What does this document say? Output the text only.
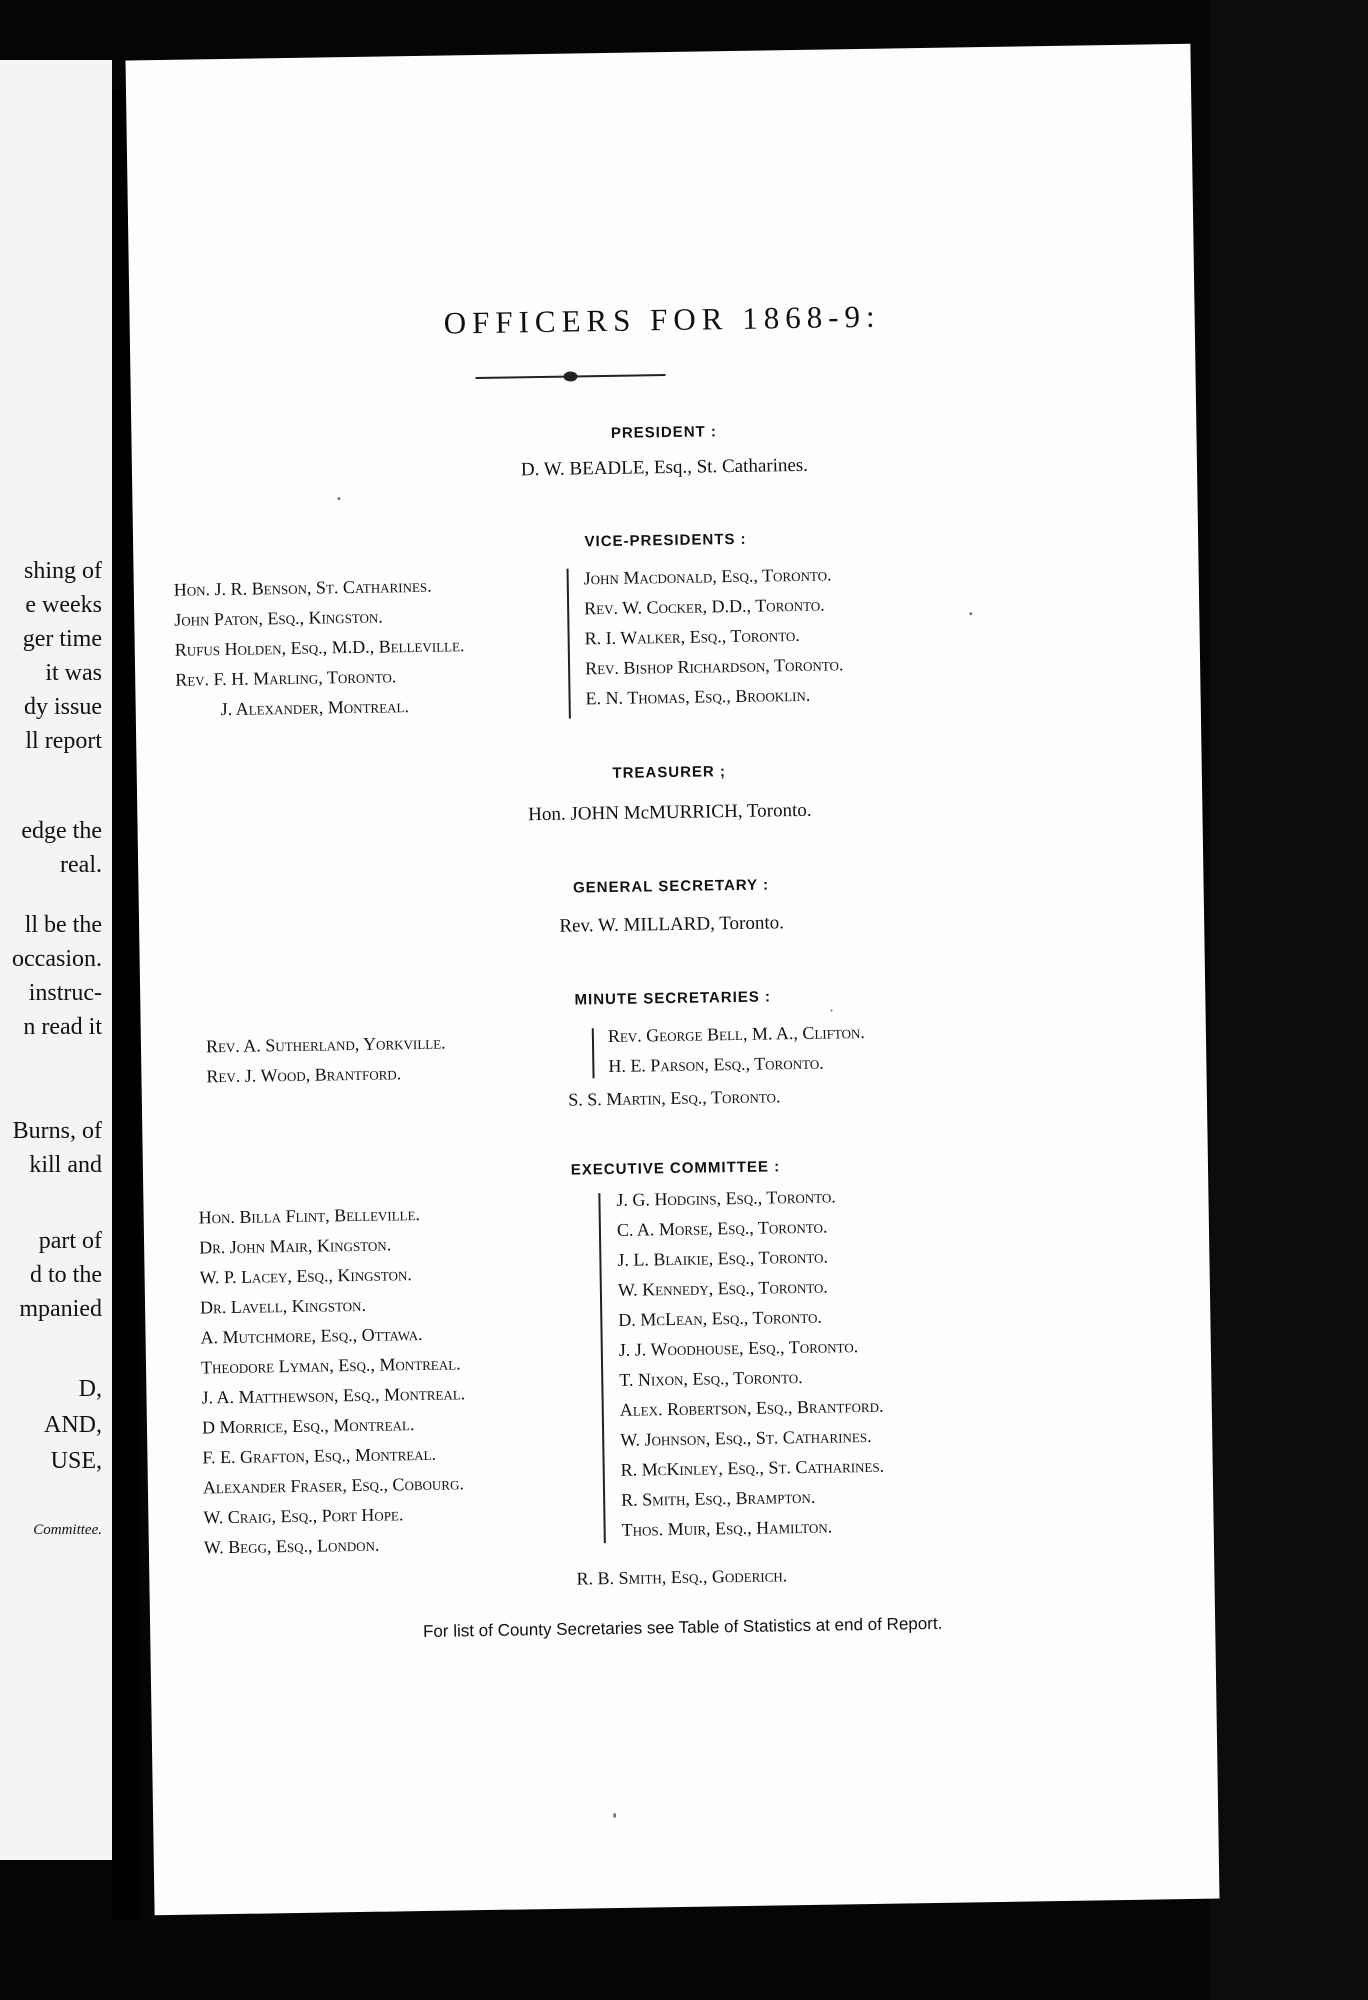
shing of
e weeks
ger time
it was
dy issue
ll report
edge the
real.
ll be the
occasion.
instruc-
n read it
Burns, of
kill and
part of
d to the
mpanied
D,
AND,
USE,
Committee.
OFFICERS FOR 1868-9:
PRESIDENT :
D. W. BEADLE, Esq., St. Catharines.
VICE-PRESIDENTS :
Hon. J. R. Benson, St. Catharines.
John Paton, Esq., Kingston.
Rufus Holden, Esq., M.D., Belleville.
Rev. F. H. Marling, Toronto.
J. Alexander, Montreal.
John Macdonald, Esq., Toronto.
Rev. W. Cocker, D.D., Toronto.
R. I. Walker, Esq., Toronto.
Rev. Bishop Richardson, Toronto.
E. N. Thomas, Esq., Brooklin.
TREASURER ;
Hon. JOHN McMURRICH, Toronto.
GENERAL SECRETARY :
Rev. W. MILLARD, Toronto.
MINUTE SECRETARIES :
Rev. A. Sutherland, Yorkville.
Rev. J. Wood, Brantford.
Rev. George Bell, M. A., Clifton.
H. E. Parson, Esq., Toronto.
S. S. Martin, Esq., Toronto.
EXECUTIVE COMMITTEE :
Hon. Billa Flint, Belleville.
Dr. John Mair, Kingston.
W. P. Lacey, Esq., Kingston.
Dr. Lavell, Kingston.
A. Mutchmore, Esq., Ottawa.
Theodore Lyman, Esq., Montreal.
J. A. Matthewson, Esq., Montreal.
D Morrice, Esq., Montreal.
F. E. Grafton, Esq., Montreal.
Alexander Fraser, Esq., Cobourg.
W. Craig, Esq., Port Hope.
W. Begg, Esq., London.
J. G. Hodgins, Esq., Toronto.
C. A. Morse, Esq., Toronto.
J. L. Blaikie, Esq., Toronto.
W. Kennedy, Esq., Toronto.
D. McLean, Esq., Toronto.
J. J. Woodhouse, Esq., Toronto.
T. Nixon, Esq., Toronto.
Alex. Robertson, Esq., Brantford.
W. Johnson, Esq., St. Catharines.
R. McKinley, Esq., St. Catharines.
R. Smith, Esq., Brampton.
Thos. Muir, Esq., Hamilton.
R. B. Smith, Esq., Goderich.
For list of County Secretaries see Table of Statistics at end of Report.
